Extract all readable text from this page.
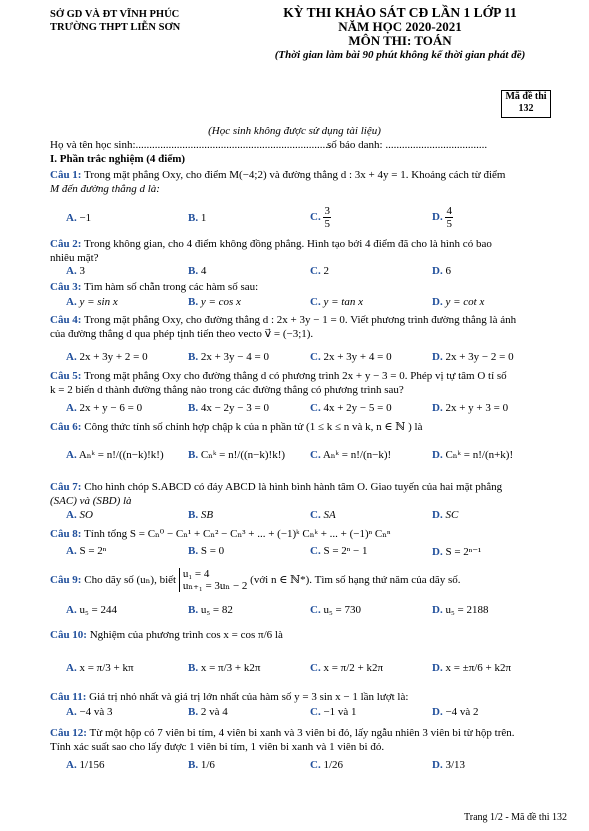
SỞ GD VÀ ĐT VĨNH PHÚC
TRƯỜNG THPT LIỄN SƠN
KỲ THI KHẢO SÁT CĐ LẦN 1 LỚP 11
NĂM HỌC 2020-2021
MÔN THI: TOÁN
(Thời gian làm bài 90 phút không kể thời gian phát đề)
Mã đề thi
132
(Học sinh không được sử dụng tài liệu)
Họ và tên học sinh:.......................................................................
số báo danh: .....................................
I. Phần trắc nghiệm (4 điểm)
Câu 1: Trong mặt phẳng Oxy, cho điểm M(−4;2) và đường thẳng d : 3x + 4y = 1. Khoảng cách từ điểm
M đến đường thẳng d là:
A. −1	B. 1	C. $\frac{3}{5}$	D. $\frac{4}{5}$
Câu 2: Trong không gian, cho 4 điểm không đồng phẳng. Hình tạo bởi 4 điểm đã cho là hình có bao
nhiêu mặt?
A. 3	B. 4	C. 2	D. 6
Câu 3: Tìm hàm số chẵn trong các hàm số sau:
A. y = sin x	B. y = cos x	C. y = tan x	D. y = cot x
Câu 4: Trong mặt phẳng Oxy, cho đường thẳng d : 2x + 3y − 1 = 0. Viết phương trình đường thẳng là ảnh
của đường thẳng d qua phép tịnh tiến theo vecto v⃗ = (−3;1).
A. 2x + 3y + 2 = 0	B. 2x + 3y − 4 = 0	C. 2x + 3y + 4 = 0	D. 2x + 3y − 2 = 0
Câu 5: Trong mặt phẳng Oxy cho đường thẳng d có phương trình 2x + y − 3 = 0. Phép vị tự tâm O tỉ số
k = 2 biến d thành đường thẳng nào trong các đường thẳng có phương trình sau?
A. 2x + y − 6 = 0	B. 4x − 2y − 3 = 0	C. 4x + 2y − 5 = 0	D. 2x + y + 3 = 0
Câu 6: Công thức tính số chỉnh hợp chập k của n phần tử (1 ≤ k ≤ n và k, n ∈ ℕ ) là
A. Aₙᵏ = n!/((n−k)!k!) B. Cₙᵏ = n!/((n−k)!k!) C. Aₙᵏ = n!/(n−k)!	D. Cₙᵏ = n!/(n+k)!
Câu 7: Cho hình chóp S.ABCD có đáy ABCD là hình bình hành tâm O. Giao tuyến của hai mặt phẳng
(SAC) và (SBD) là
A. SO	B. SB	C. SA	D. SC
Câu 8: Tính tổng S = Cₙ⁰ − Cₙ¹ + Cₙ² − Cₙ³ + ... + (−1)ᵏ Cₙᵏ + ... + (−1)ⁿ Cₙⁿ
A. S = 2ⁿ	B. S = 0	C. S = 2ⁿ − 1	D. S = 2ⁿ⁻¹
Câu 9: Cho dãy số (uₙ), biết u₁ = 4
uₙ₊₁ = 3uₙ − 2 (với n ∈ ℕ*). Tìm số hạng thứ năm của dãy số.
A. u₅ = 244	B. u₅ = 82	C. u₅ = 730	D. u₅ = 2188
Câu 10: Nghiệm của phương trình cos x = cos π/6 là
A. x = π/3 + kπ	B. x = π/3 + k2π	C. x = π/2 + k2π	D. x = ±π/6 + k2π
Câu 11: Giá trị nhỏ nhất và giá trị lớn nhất của hàm số y = 3 sin x − 1 lần lượt là:
A. −4 và 3	B. 2 và 4	C. −1 và 1	D. −4 và 2
Câu 12: Từ một hộp có 7 viên bi tím, 4 viên bi xanh và 3 viên bi đỏ, lấy ngẫu nhiên 3 viên bi từ hộp trên.
Tính xác suất sao cho lấy được 1 viên bi tím, 1 viên bi xanh và 1 viên bi đỏ.
A. 1/156	B. 1/6	C. 1/26	D. 3/13
Trang 1/2 - Mã đề thi 132
